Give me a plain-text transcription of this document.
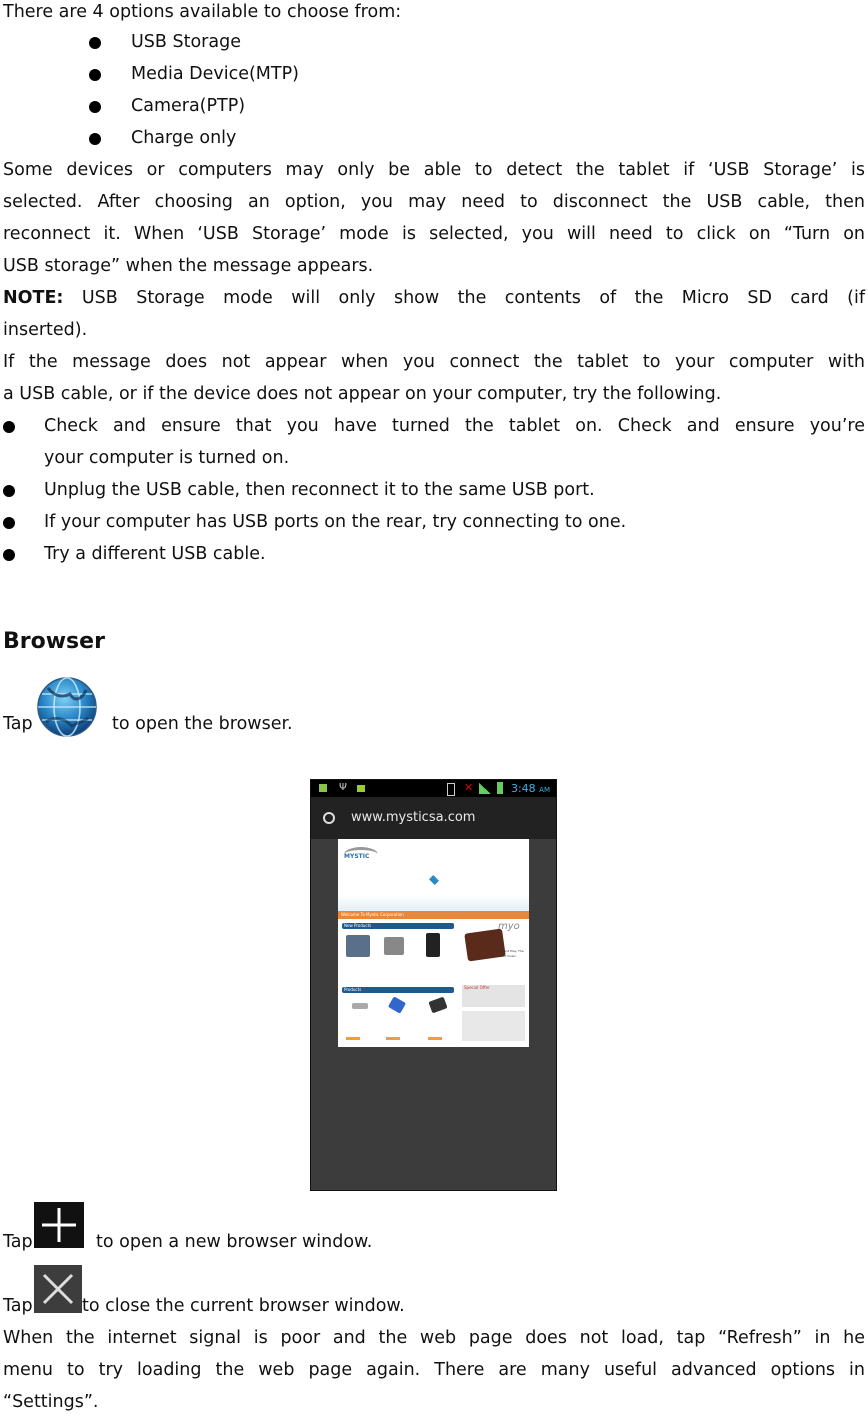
There are 4 options available to choose from:
USB Storage
Media Device(MTP)
Camera(PTP)
Charge only
Some devices or computers may only be able to detect the tablet if ‘USB Storage’ is
selected. After choosing an option, you may need to disconnect the USB cable, then
reconnect it. When ‘USB Storage’ mode is selected, you will need to click on “Turn on
USB storage” when the message appears.
NOTE: USB Storage mode will only show the contents of the Micro SD card (if
inserted).
If the message does not appear when you connect the tablet to your computer with
a USB cable, or if the device does not appear on your computer, try the following.
Check and ensure that you have turned the tablet on. Check and ensure you’re
your computer is turned on.
Unplug the USB cable, then reconnect it to the same USB port.
If your computer has USB ports on the rear, try connecting to one.
Try a different USB cable.
Browser
Tap	to open the browser.
Ψ	✕	3:48 AM
www.mysticsa.com
MYSTIC
Welcome To Mystic Corporation
New Products	myo
Beyond Play. The art of music.
Products	Special Offer
Tap	to open a new browser window.
Tap	to close the current browser window.
When the internet signal is poor and the web page does not load, tap “Refresh” in he
menu to try loading the web page again. There are many useful advanced options in
“Settings”.
